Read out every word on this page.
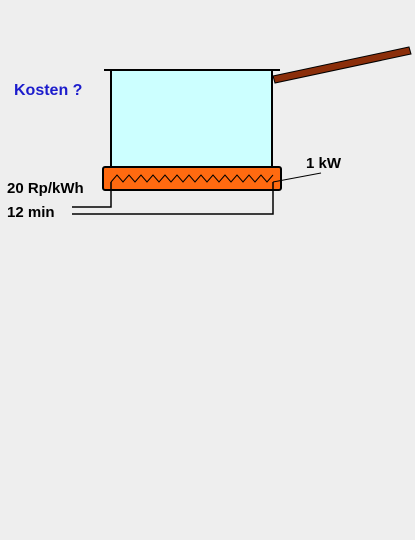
Kosten ?
1 kW
20 Rp/kWh
12 min
